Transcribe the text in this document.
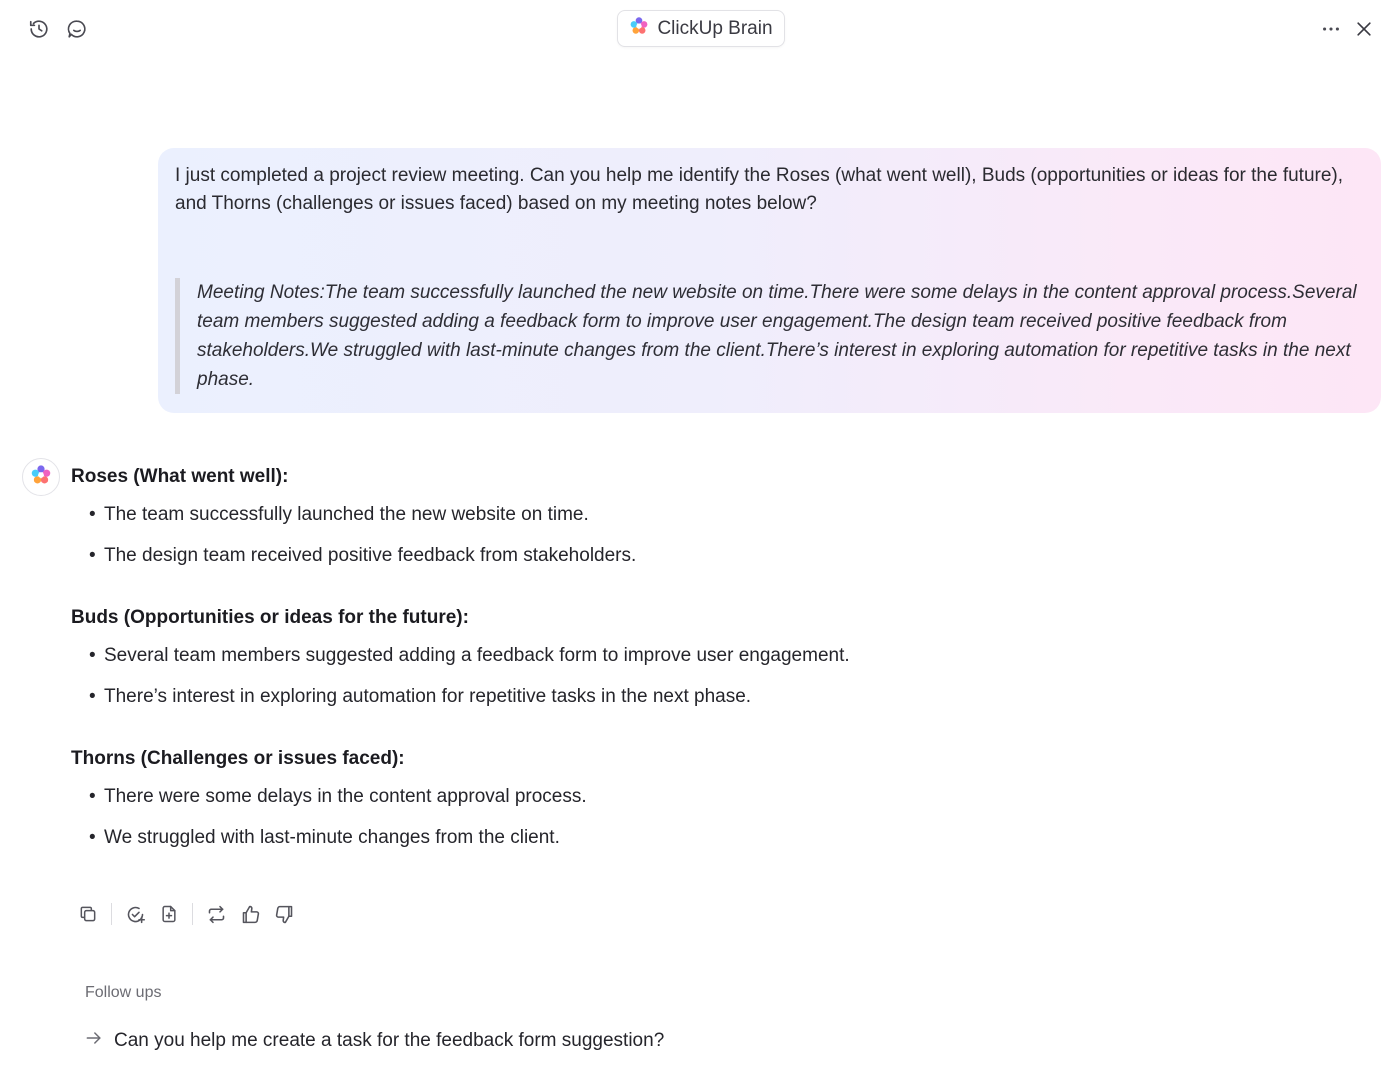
ClickUp Brain

I just completed a project review meeting. Can you help me identify the Roses (what went well), Buds (opportunities or ideas for the future), and Thorns (challenges or issues faced) based on my meeting notes below?

Meeting Notes:The team successfully launched the new website on time.There were some delays in the content approval process.Several team members suggested adding a feedback form to improve user engagement.The design team received positive feedback from stakeholders.We struggled with last-minute changes from the client.There’s interest in exploring automation for repetitive tasks in the next phase.

Roses (What went well):
• The team successfully launched the new website on time.
• The design team received positive feedback from stakeholders.
Buds (Opportunities or ideas for the future):
• Several team members suggested adding a feedback form to improve user engagement.
• There’s interest in exploring automation for repetitive tasks in the next phase.
Thorns (Challenges or issues faced):
• There were some delays in the content approval process.
• We struggled with last-minute changes from the client.
Follow ups
Can you help me create a task for the feedback form suggestion?
